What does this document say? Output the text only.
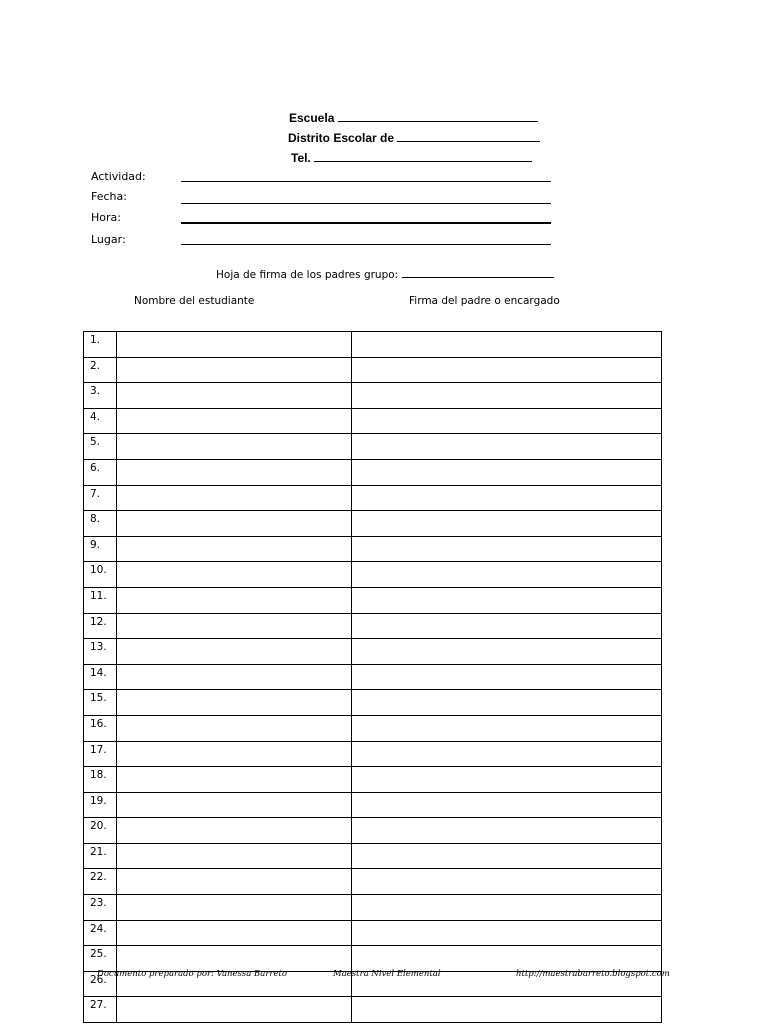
Escuela
Distrito Escolar de
Tel.
Actividad:
Fecha:
Hora:
Lugar:
Hoja de firma de los padres grupo:
Nombre del estudiante	Firma del padre o encargado
1.		
2.		
3.		
4.		
5.		
6.		
7.		
8.		
9.		
10.		
11.		
12.		
13.		
14.		
15.		
16.		
17.		
18.		
19.		
20.		
21.		
22.		
23.		
24.		
25.		
26.		
27.		
Documento preparado por: Vanessa Barreto	Maestra Nivel Elemental	http://maestrabarreto.blogspot.com
